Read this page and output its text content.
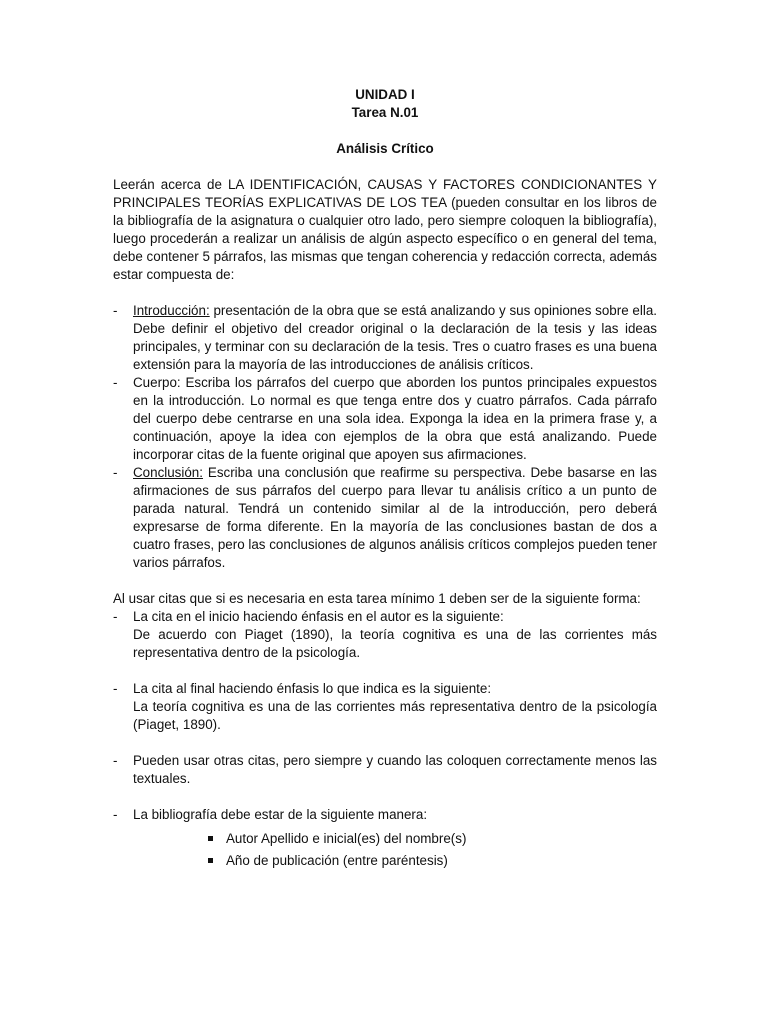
UNIDAD I
Tarea N.01
Análisis Crítico

Leerán acerca de LA IDENTIFICACIÓN, CAUSAS Y FACTORES CONDICIONANTES Y PRINCIPALES TEORÍAS EXPLICATIVAS DE LOS TEA (pueden consultar en los libros de la bibliografía de la asignatura o cualquier otro lado, pero siempre coloquen la bibliografía), luego procederán a realizar un análisis de algún aspecto específico o en general del tema, debe contener 5 párrafos, las mismas que tengan coherencia y redacción correcta, además estar compuesta de:

- Introducción: presentación de la obra que se está analizando y sus opiniones sobre ella. Debe definir el objetivo del creador original o la declaración de la tesis y las ideas principales, y terminar con su declaración de la tesis. Tres o cuatro frases es una buena extensión para la mayoría de las introducciones de análisis críticos.
- Cuerpo: Escriba los párrafos del cuerpo que aborden los puntos principales expuestos en la introducción. Lo normal es que tenga entre dos y cuatro párrafos. Cada párrafo del cuerpo debe centrarse en una sola idea. Exponga la idea en la primera frase y, a continuación, apoye la idea con ejemplos de la obra que está analizando. Puede incorporar citas de la fuente original que apoyen sus afirmaciones.
- Conclusión: Escriba una conclusión que reafirme su perspectiva. Debe basarse en las afirmaciones de sus párrafos del cuerpo para llevar tu análisis crítico a un punto de parada natural. Tendrá un contenido similar al de la introducción, pero deberá expresarse de forma diferente. En la mayoría de las conclusiones bastan de dos a cuatro frases, pero las conclusiones de algunos análisis críticos complejos pueden tener varios párrafos.

Al usar citas que si es necesaria en esta tarea mínimo 1 deben ser de la siguiente forma:

- La cita en el inicio haciendo énfasis en el autor es la siguiente:
De acuerdo con Piaget (1890), la teoría cognitiva es una de las corrientes más representativa dentro de la psicología.
- La cita al final haciendo énfasis lo que indica es la siguiente:
La teoría cognitiva es una de las corrientes más representativa dentro de la psicología (Piaget, 1890).
- Pueden usar otras citas, pero siempre y cuando las coloquen correctamente menos las textuales.
- La bibliografía debe estar de la siguiente manera:
Autor Apellido e inicial(es) del nombre(s)
Año de publicación (entre paréntesis)
